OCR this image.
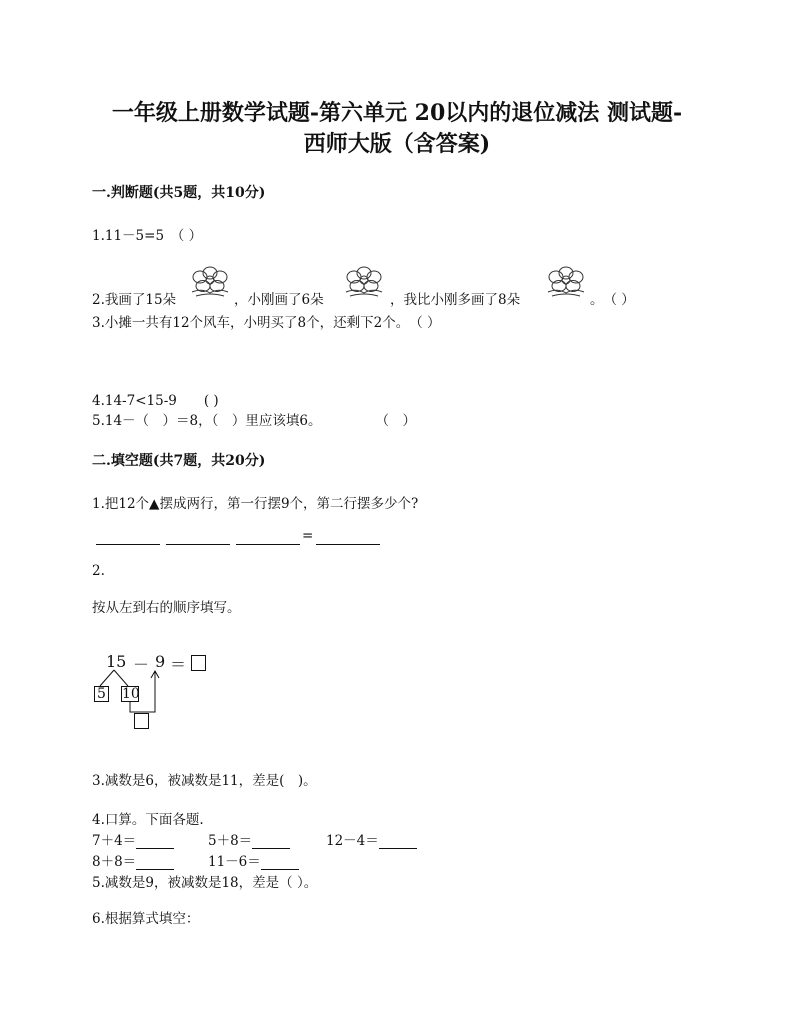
一年级上册数学试题-第六单元 20以内的退位减法 测试题-
西师大版（含答案)
一.判断题(共5题，共10分)
1.11－5=5　（ ）
2.我画了15朵	，小刚画了6朵	，我比小刚多画了8朵	。　（ ）
3.小摊一共有12个风车，小明买了8个，还剩下2个。　（ ）
4.14-7<15-9　　( )
5.14－（　）＝8，（　）里应该填6。　　　　　（　）
二.填空题(共7题，共20分)
1.把12个▲摆成两行，第一行摆9个，第二行摆多少个?
=
2.
按从左到右的顺序填写。
15 － 9 ＝
5 10
3.减数是6，被减数是11，差是(　)。
4.口算。下面各题.
7＋4＝	5＋8＝	12－4＝
8＋8＝	11－6＝
5.减数是9，被减数是18，差是（ ）。
6.根据算式填空：
